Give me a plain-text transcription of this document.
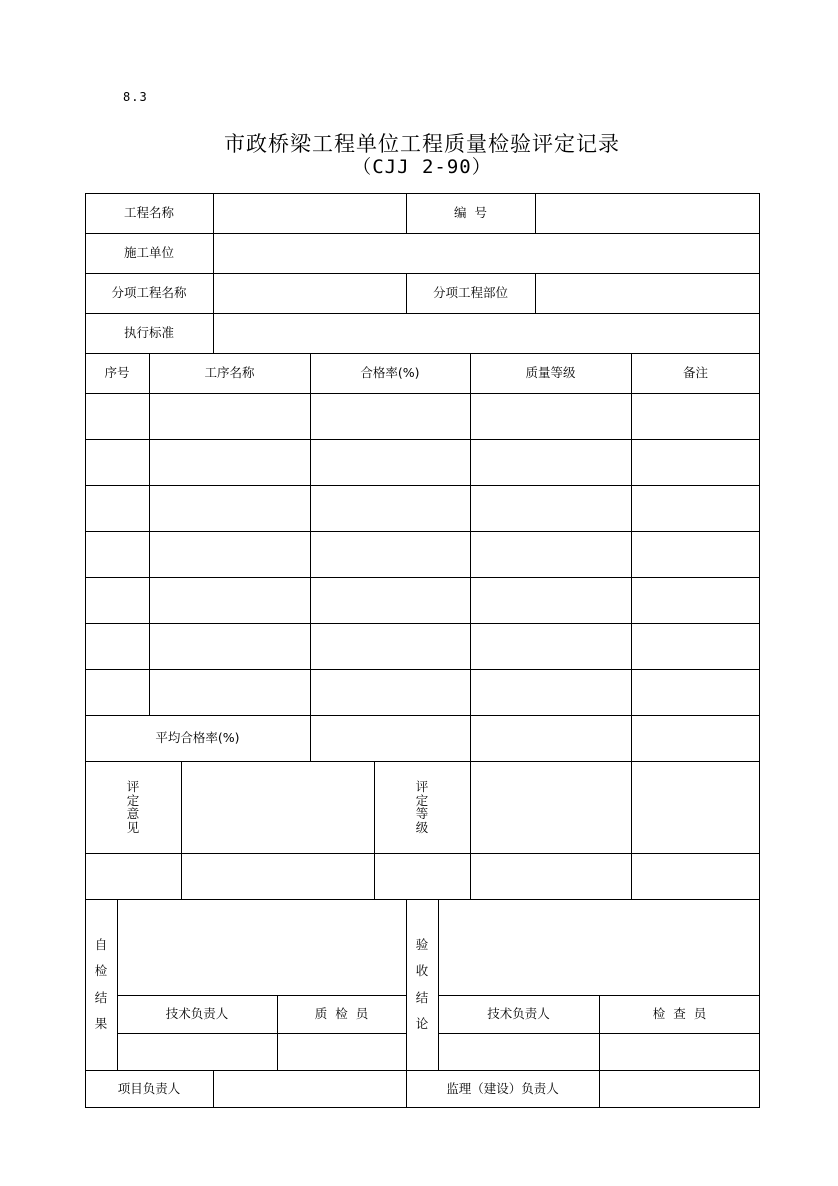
8.3
市政桥梁工程单位工程质量检验评定记录
（CJJ 2-90）
工程名称	编  号
施工单位
分项工程名称	分项工程部位
执行标准
序号	工序名称	合格率(%)	质量等级	备注
平均合格率(%)
评
定
意
见
评
定
等
级
自
检
结
果
技术负责人	质  检  员
验
收
结
论
技术负责人	检  查  员
项目负责人	监理（建设）负责人
